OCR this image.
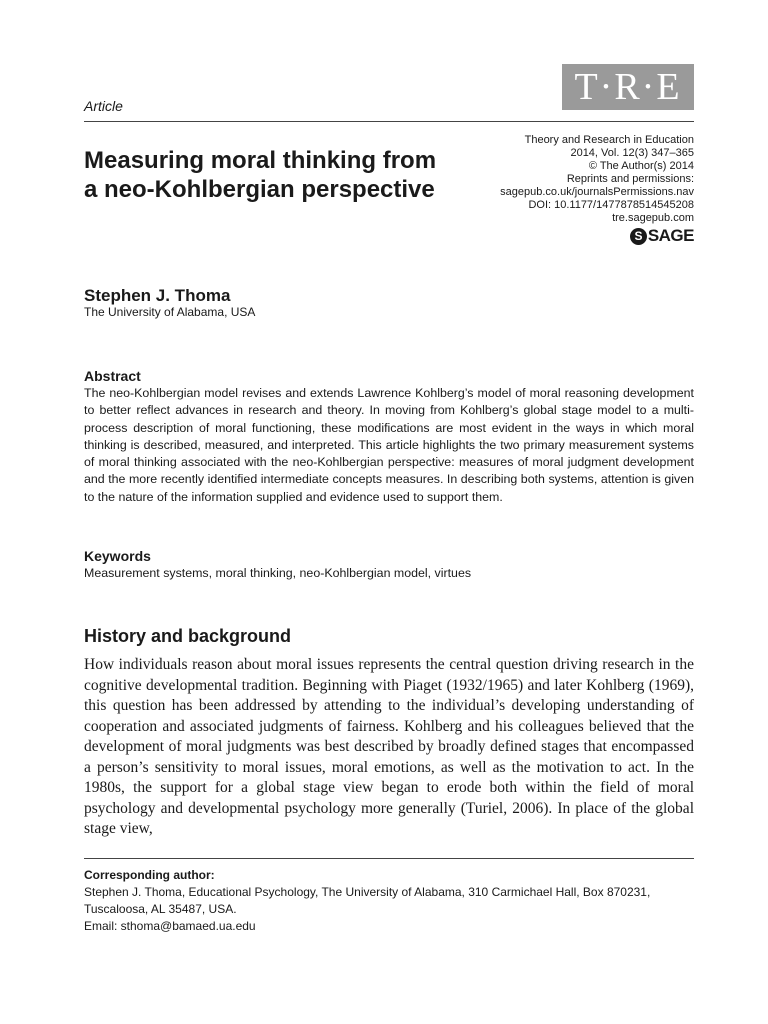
T·R·E
Article
Measuring moral thinking from a neo-Kohlbergian perspective
Theory and Research in Education
2014, Vol. 12(3) 347–365
© The Author(s) 2014
Reprints and permissions:
sagepub.co.uk/journalsPermissions.nav
DOI: 10.1177/1477878514545208
tre.sagepub.com
S SAGE
Stephen J. Thoma
The University of Alabama, USA
Abstract

The neo-Kohlbergian model revises and extends Lawrence Kohlberg’s model of moral reasoning development to better reflect advances in research and theory. In moving from Kohlberg’s global stage model to a multi-process description of moral functioning, these modifications are most evident in the ways in which moral thinking is described, measured, and interpreted. This article highlights the two primary measurement systems of moral thinking associated with the neo-Kohlbergian perspective: measures of moral judgment development and the more recently identified intermediate concepts measures. In describing both systems, attention is given to the nature of the information supplied and evidence used to support them.

Keywords
Measurement systems, moral thinking, neo-Kohlbergian model, virtues
History and background

How individuals reason about moral issues represents the central question driving research in the cognitive developmental tradition. Beginning with Piaget (1932/1965) and later Kohlberg (1969), this question has been addressed by attending to the individual’s developing understanding of cooperation and associated judgments of fairness. Kohlberg and his colleagues believed that the development of moral judgments was best described by broadly defined stages that encompassed a person’s sensitivity to moral issues, moral emotions, as well as the motivation to act. In the 1980s, the support for a global stage view began to erode both within the field of moral psychology and developmental psychology more generally (Turiel, 2006). In place of the global stage view,

Corresponding author:
Stephen J. Thoma, Educational Psychology, The University of Alabama, 310 Carmichael Hall, Box 870231,
Tuscaloosa, AL 35487, USA.
Email: sthoma@bamaed.ua.edu
